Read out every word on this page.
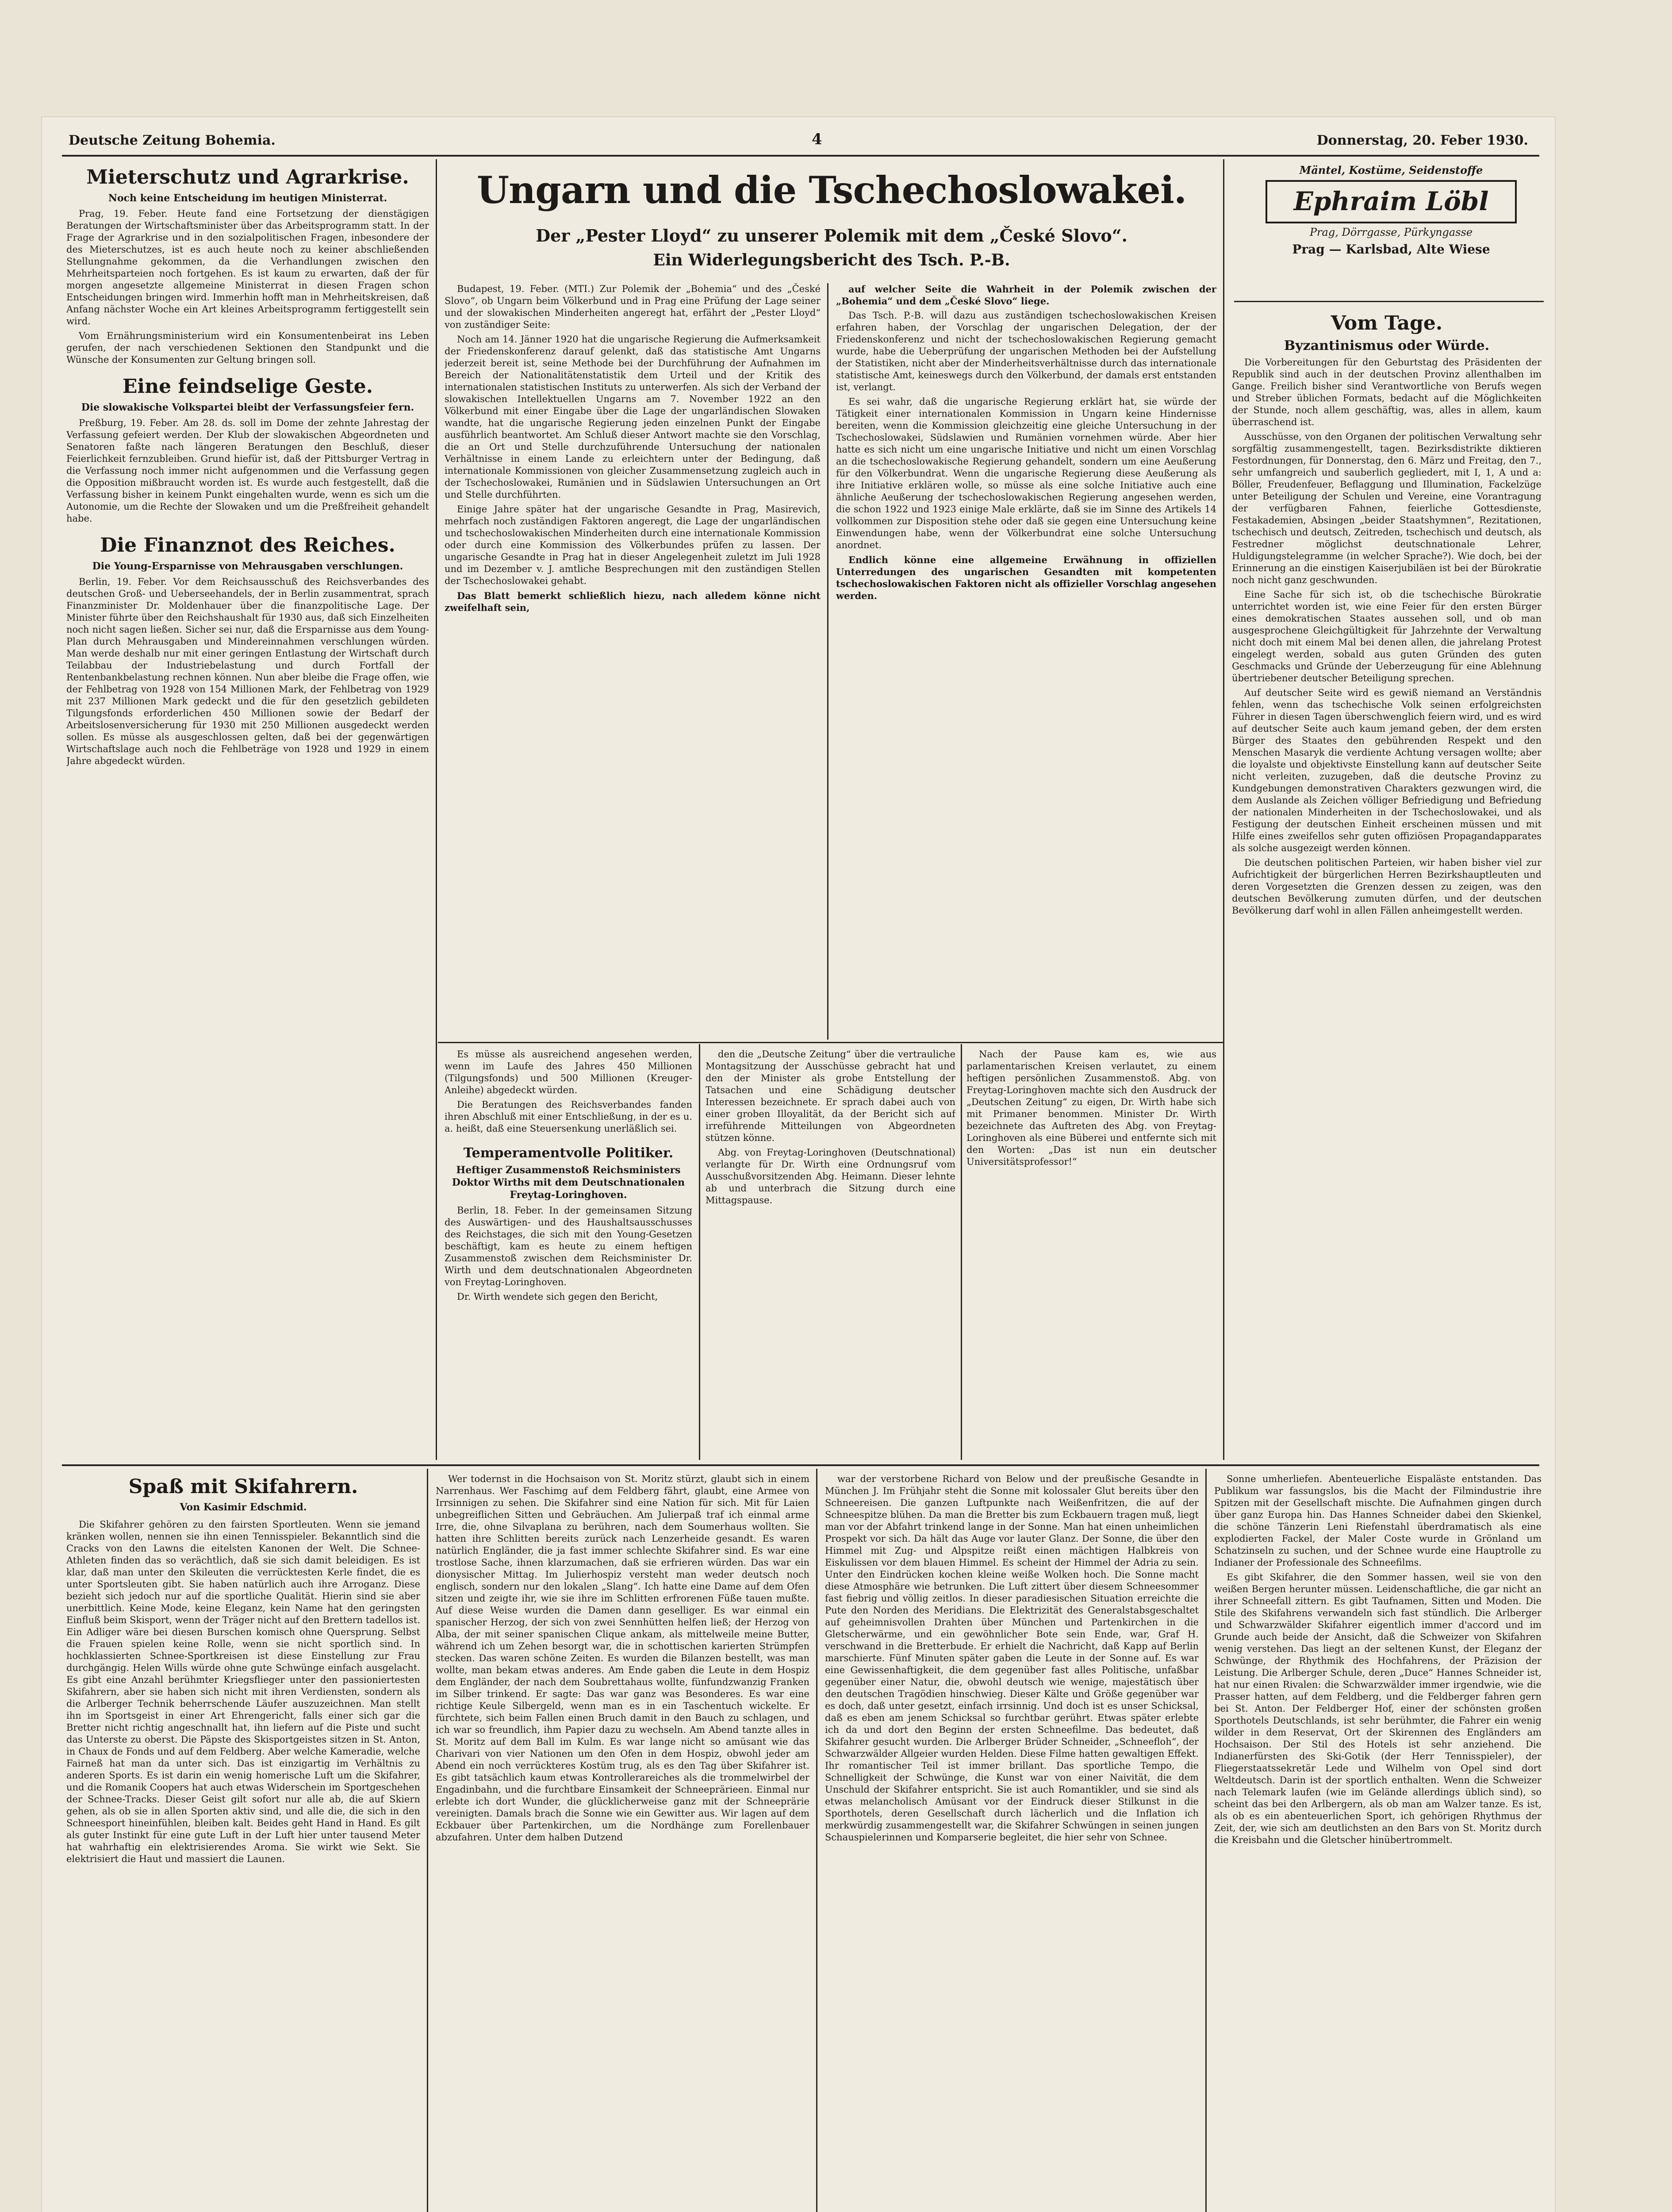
Deutsche Zeitung Bohemia.	4	Donnerstag, 20. Feber 1930.
Mieterschutz und Agrarkrise.
Noch keine Entscheidung im heutigen Ministerrat.

Prag, 19. Feber. Heute fand eine Fortsetzung der dienstägigen Beratungen der Wirtschaftsminister über das Arbeitsprogramm statt. In der Frage der Agrarkrise und in den sozialpolitischen Fragen, inbesondere der des Mieterschutzes, ist es auch heute noch zu keiner abschließenden Stellungnahme gekommen, da die Verhandlungen zwischen den Mehrheitsparteien noch fortgehen. Es ist kaum zu erwarten, daß der für morgen angesetzte allgemeine Ministerrat in diesen Fragen schon Entscheidungen bringen wird. Immerhin hofft man in Mehrheitskreisen, daß Anfang nächster Woche ein Art kleines Arbeitsprogramm fertiggestellt sein wird.

Vom Ernährungsministerium wird ein Konsumentenbeirat ins Leben gerufen, der nach verschiedenen Sektionen den Standpunkt und die Wünsche der Konsumenten zur Geltung bringen soll.

Eine feindselige Geste.
Die slowakische Volkspartei bleibt der Verfassungsfeier fern.

Preßburg, 19. Feber. Am 28. ds. soll im Dome der zehnte Jahrestag der Verfassung gefeiert werden. Der Klub der slowakischen Abgeordneten und Senatoren faßte nach längeren Beratungen den Beschluß, dieser Feierlichkeit fernzubleiben. Grund hiefür ist, daß der Pittsburger Vertrag in die Verfassung noch immer nicht aufgenommen und die Verfassung gegen die Opposition mißbraucht worden ist. Es wurde auch festgestellt, daß die Verfassung bisher in keinem Punkt eingehalten wurde, wenn es sich um die Autonomie, um die Rechte der Slowaken und um die Preßfreiheit gehandelt habe.

Die Finanznot des Reiches.
Die Young-Ersparnisse von Mehrausgaben verschlungen.

Berlin, 19. Feber. Vor dem Reichsausschuß des Reichsverbandes des deutschen Groß- und Ueberseehandels, der in Berlin zusammentrat, sprach Finanzminister Dr. Moldenhauer über die finanzpolitische Lage. Der Minister führte über den Reichshaushalt für 1930 aus, daß sich Einzelheiten noch nicht sagen ließen. Sicher sei nur, daß die Ersparnisse aus dem Young-Plan durch Mehrausgaben und Mindereinnahmen verschlungen würden. Man werde deshalb nur mit einer geringen Entlastung der Wirtschaft durch Teilabbau der Industriebelastung und durch Fortfall der Rentenbankbelastung rechnen können. Nun aber bleibe die Frage offen, wie der Fehlbetrag von 1928 von 154 Millionen Mark, der Fehlbetrag von 1929 mit 237 Millionen Mark gedeckt und die für den gesetzlich gebildeten Tilgungsfonds erforderlichen 450 Millionen sowie der Bedarf der Arbeitslosenversicherung für 1930 mit 250 Millionen ausgedeckt werden sollen. Es müsse als ausgeschlossen gelten, daß bei der gegenwärtigen Wirtschaftslage auch noch die Fehlbeträge von 1928 und 1929 in einem Jahre abgedeckt würden.

Ungarn und die Tschechoslowakei.
Der „Pester Lloyd“ zu unserer Polemik mit dem „České Slovo“.
Ein Widerlegungsbericht des Tsch. P.-B.

Budapest, 19. Feber. (MTI.) Zur Polemik der „Bohemia“ und des „České Slovo“, ob Ungarn beim Völkerbund und in Prag eine Prüfung der Lage seiner und der slowakischen Minderheiten angeregt hat, erfährt der „Pester Lloyd“ von zuständiger Seite:

Noch am 14. Jänner 1920 hat die ungarische Regierung die Aufmerksamkeit der Friedenskonferenz darauf gelenkt, daß das statistische Amt Ungarns jederzeit bereit ist, seine Methode bei der Durchführung der Aufnahmen im Bereich der Nationalitätenstatistik dem Urteil und der Kritik des internationalen statistischen Instituts zu unterwerfen. Als sich der Verband der slowakischen Intellektuellen Ungarns am 7. November 1922 an den Völkerbund mit einer Eingabe über die Lage der ungarländischen Slowaken wandte, hat die ungarische Regierung jeden einzelnen Punkt der Eingabe ausführlich beantwortet. Am Schluß dieser Antwort machte sie den Vorschlag, die an Ort und Stelle durchzuführende Untersuchung der nationalen Verhältnisse in einem Lande zu erleichtern unter der Bedingung, daß internationale Kommissionen von gleicher Zusammensetzung zugleich auch in der Tschechoslowakei, Rumänien und in Südslawien Untersuchungen an Ort und Stelle durchführten.

Einige Jahre später hat der ungarische Gesandte in Prag, Masirevich, mehrfach noch zuständigen Faktoren angeregt, die Lage der ungarländischen und tschechoslowakischen Minderheiten durch eine internationale Kommission oder durch eine Kommission des Völkerbundes prüfen zu lassen. Der ungarische Gesandte in Prag hat in dieser Angelegenheit zuletzt im Juli 1928 und im Dezember v. J. amtliche Besprechungen mit den zuständigen Stellen der Tschechoslowakei gehabt.

Das Blatt bemerkt schließlich hiezu, nach alledem könne nicht zweifelhaft sein,

auf welcher Seite die Wahrheit in der Polemik zwischen der „Bohemia“ und dem „České Slovo“ liege.

Das Tsch. P.-B. will dazu aus zuständigen tschechoslowakischen Kreisen erfahren haben, der Vorschlag der ungarischen Delegation, der der Friedenskonferenz und nicht der tschechoslowakischen Regierung gemacht wurde, habe die Ueberprüfung der ungarischen Methoden bei der Aufstellung der Statistiken, nicht aber der Minderheitsverhältnisse durch das internationale statistische Amt, keineswegs durch den Völkerbund, der damals erst entstanden ist, verlangt.

Es sei wahr, daß die ungarische Regierung erklärt hat, sie würde der Tätigkeit einer internationalen Kommission in Ungarn keine Hindernisse bereiten, wenn die Kommission gleichzeitig eine gleiche Untersuchung in der Tschechoslowakei, Südslawien und Rumänien vornehmen würde. Aber hier hatte es sich nicht um eine ungarische Initiative und nicht um einen Vorschlag an die tschechoslowakische Regierung gehandelt, sondern um eine Aeußerung für den Völkerbundrat. Wenn die ungarische Regierung diese Aeußerung als ihre Initiative erklären wolle, so müsse als eine solche Initiative auch eine ähnliche Aeußerung der tschechoslowakischen Regierung angesehen werden, die schon 1922 und 1923 einige Male erklärte, daß sie im Sinne des Artikels 14 vollkommen zur Disposition stehe oder daß sie gegen eine Untersuchung keine Einwendungen habe, wenn der Völkerbundrat eine solche Untersuchung anordnet.

Endlich könne eine allgemeine Erwähnung in offiziellen Unterredungen des ungarischen Gesandten mit kompetenten tschechoslowakischen Faktoren nicht als offizieller Vorschlag angesehen werden.

Mäntel, Kostüme, Seidenstoffe
Ephraim Löbl
Prag, Dörrgasse, Pürkyngasse
Prag — Karlsbad, Alte Wiese
Vom Tage.
Byzantinismus oder Würde.

Die Vorbereitungen für den Geburtstag des Präsidenten der Republik sind auch in der deutschen Provinz allenthalben im Gange. Freilich bisher sind Verantwortliche von Berufs wegen und Streber üblichen Formats, bedacht auf die Möglichkeiten der Stunde, noch allem geschäftig, was, alles in allem, kaum überraschend ist.

Ausschüsse, von den Organen der politischen Verwaltung sehr sorgfältig zusammengestellt, tagen. Bezirksdistrikte diktieren Festordnungen, für Donnerstag, den 6. März und Freitag, den 7., sehr umfangreich und sauberlich gegliedert, mit I, 1, A und a: Böller, Freudenfeuer, Beflaggung und Illumination, Fackelzüge unter Beteiligung der Schulen und Vereine, eine Vorantragung der verfügbaren Fahnen, feierliche Gottesdienste, Festakademien, Absingen „beider Staatshymnen“, Rezitationen, tschechisch und deutsch, Zeitreden, tschechisch und deutsch, als Festredner möglichst deutschnationale Lehrer, Huldigungstelegramme (in welcher Sprache?). Wie doch, bei der Erinnerung an die einstigen Kaiserjubiläen ist bei der Bürokratie noch nicht ganz geschwunden.

Eine Sache für sich ist, ob die tschechische Bürokratie unterrichtet worden ist, wie eine Feier für den ersten Bürger eines demokratischen Staates aussehen soll, und ob man ausgesprochene Gleichgültigkeit für Jahrzehnte der Verwaltung nicht doch mit einem Mal bei denen allen, die jahrelang Protest eingelegt werden, sobald aus guten Gründen des guten Geschmacks und Gründe der Ueberzeugung für eine Ablehnung übertriebener deutscher Beteiligung sprechen.

Auf deutscher Seite wird es gewiß niemand an Verständnis fehlen, wenn das tschechische Volk seinen erfolgreichsten Führer in diesen Tagen überschwenglich feiern wird, und es wird auf deutscher Seite auch kaum jemand geben, der dem ersten Bürger des Staates den gebührenden Respekt und den Menschen Masaryk die verdiente Achtung versagen wollte; aber die loyalste und objektivste Einstellung kann auf deutscher Seite nicht verleiten, zuzugeben, daß die deutsche Provinz zu Kundgebungen demonstrativen Charakters gezwungen wird, die dem Auslande als Zeichen völliger Befriedigung und Befriedung der nationalen Minderheiten in der Tschechoslowakei, und als Festigung der deutschen Einheit erscheinen müssen und mit Hilfe eines zweifellos sehr guten offiziösen Propagandapparates als solche ausgezeigt werden können.

Die deutschen politischen Parteien, wir haben bisher viel zur Aufrichtigkeit der bürgerlichen Herren Bezirkshauptleuten und deren Vorgesetzten die Grenzen dessen zu zeigen, was den deutschen Bevölkerung zumuten dürfen, und der deutschen Bevölkerung darf wohl in allen Fällen anheimgestellt werden.

Es müsse als ausreichend angesehen werden, wenn im Laufe des Jahres 450 Millionen (Tilgungsfonds) und 500 Millionen (Kreuger-Anleihe) abgedeckt würden.

Die Beratungen des Reichsverbandes fanden ihren Abschluß mit einer Entschließung, in der es u. a. heißt, daß eine Steuersenkung unerläßlich sei.

Temperamentvolle Politiker.
Heftiger Zusammenstoß Reichsministers Doktor Wirths mit dem Deutschnationalen Freytag-Loringhoven.

Berlin, 18. Feber. In der gemeinsamen Sitzung des Auswärtigen- und des Haushaltsausschusses des Reichstages, die sich mit den Young-Gesetzen beschäftigt, kam es heute zu einem heftigen Zusammenstoß zwischen dem Reichsminister Dr. Wirth und dem deutschnationalen Abgeordneten von Freytag-Loringhoven.

Dr. Wirth wendete sich gegen den Bericht,

den die „Deutsche Zeitung“ über die vertrauliche Montagsitzung der Ausschüsse gebracht hat und den der Minister als grobe Entstellung der Tatsachen und eine Schädigung deutscher Interessen bezeichnete. Er sprach dabei auch von einer groben Illoyalität, da der Bericht sich auf irreführende Mitteilungen von Abgeordneten stützen könne.

Abg. von Freytag-Loringhoven (Deutschnational) verlangte für Dr. Wirth eine Ordnungsruf vom Ausschußvorsitzenden Abg. Heimann. Dieser lehnte ab und unterbrach die Sitzung durch eine Mittagspause.

Nach der Pause kam es, wie aus parlamentarischen Kreisen verlautet, zu einem heftigen persönlichen Zusammenstoß. Abg. von Freytag-Loringhoven machte sich den Ausdruck der „Deutschen Zeitung“ zu eigen, Dr. Wirth habe sich mit Primaner benommen. Minister Dr. Wirth bezeichnete das Auftreten des Abg. von Freytag-Loringhoven als eine Büberei und entfernte sich mit den Worten: „Das ist nun ein deutscher Universitätsprofessor!“

Spaß mit Skifahrern.
Von Kasimir Edschmid.

Die Skifahrer gehören zu den fairsten Sportleuten. Wenn sie jemand kränken wollen, nennen sie ihn einen Tennisspieler. Bekanntlich sind die Cracks von den Lawns die eitelsten Kanonen der Welt. Die Schnee-Athleten finden das so verächtlich, daß sie sich damit beleidigen. Es ist klar, daß man unter den Skileuten die verrücktesten Kerle findet, die es unter Sportsleuten gibt. Sie haben natürlich auch ihre Arroganz. Diese bezieht sich jedoch nur auf die sportliche Qualität. Hierin sind sie aber unerbittlich. Keine Mode, keine Eleganz, kein Name hat den geringsten Einfluß beim Skisport, wenn der Träger nicht auf den Brettern tadellos ist. Ein Adliger wäre bei diesen Burschen komisch ohne Quersprung. Selbst die Frauen spielen keine Rolle, wenn sie nicht sportlich sind. In hochklassierten Schnee-Sportkreisen ist diese Einstellung zur Frau durchgängig. Helen Wills würde ohne gute Schwünge einfach ausgelacht. Es gibt eine Anzahl berühmter Kriegsflieger unter den passioniertesten Skifahrern, aber sie haben sich nicht mit ihren Verdiensten, sondern als die Arlberger Technik beherrschende Läufer auszuzeichnen. Man stellt ihn im Sportsgeist in einer Art Ehrengericht, falls einer sich gar die Bretter nicht richtig angeschnallt hat, ihn liefern auf die Piste und sucht das Unterste zu oberst. Die Päpste des Skisportgeistes sitzen in St. Anton, in Chaux de Fonds und auf dem Feldberg. Aber welche Kameradie, welche Fairneß hat man da unter sich. Das ist einzigartig im Verhältnis zu anderen Sports. Es ist darin ein wenig homerische Luft um die Skifahrer, und die Romanik Coopers hat auch etwas Widerschein im Sportgeschehen der Schnee-Tracks. Dieser Geist gilt sofort nur alle ab, die auf Skiern gehen, als ob sie in allen Sporten aktiv sind, und alle die, die sich in den Schneesport hineinfühlen, bleiben kalt. Beides geht Hand in Hand. Es gilt als guter Instinkt für eine gute Luft in der Luft hier unter tausend Meter hat wahrhaftig ein elektrisierendes Aroma. Sie wirkt wie Sekt. Sie elektrisiert die Haut und massiert die Launen.

Wer todernst in die Hochsaison von St. Moritz stürzt, glaubt sich in einem Narrenhaus. Wer Faschimg auf dem Feldberg fährt, glaubt, eine Armee von Irrsinnigen zu sehen. Die Skifahrer sind eine Nation für sich. Mit für Laien unbegreiflichen Sitten und Gebräuchen. Am Julierpaß traf ich einmal arme Irre, die, ohne Silvaplana zu berühren, nach dem Soumerhaus wollten. Sie hatten ihre Schlitten bereits zurück nach Lenzerheide gesandt. Es waren natürlich Engländer, die ja fast immer schlechte Skifahrer sind. Es war eine trostlose Sache, ihnen klarzumachen, daß sie erfrieren würden. Das war ein dionysischer Mittag. Im Julierhospiz versteht man weder deutsch noch englisch, sondern nur den lokalen „Slang“. Ich hatte eine Dame auf dem Ofen sitzen und zeigte ihr, wie sie ihre im Schlitten erfrorenen Füße tauen mußte. Auf diese Weise wurden die Damen dann geselliger. Es war einmal ein spanischer Herzog, der sich von zwei Sennhütten helfen ließ; der Herzog von Alba, der mit seiner spanischen Clique ankam, als mittelweile meine Butter, während ich um Zehen besorgt war, die in schottischen karierten Strümpfen stecken. Das waren schöne Zeiten. Es wurden die Bilanzen bestellt, was man wollte, man bekam etwas anderes. Am Ende gaben die Leute in dem Hospiz dem Engländer, der nach dem Soubrettahaus wollte, fünfundzwanzig Franken im Silber trinkend. Er sagte: Das war ganz was Besonderes. Es war eine richtige Keule Silbergeld, wenn man es in ein Taschentuch wickelte. Er fürchtete, sich beim Fallen einen Bruch damit in den Bauch zu schlagen, und ich war so freundlich, ihm Papier dazu zu wechseln. Am Abend tanzte alles in St. Moritz auf dem Ball im Kulm. Es war lange nicht so amüsant wie das Charivari von vier Nationen um den Ofen in dem Hospiz, obwohl jeder am Abend ein noch verrückteres Kostüm trug, als es den Tag über Skifahrer ist. Es gibt tatsächlich kaum etwas Kontrollerareiches als die trommelwirbel der Engadinbahn, und die furchtbare Einsamkeit der Schneeprärieen. Einmal nur erlebte ich dort Wunder, die glücklicherweise ganz mit der Schneeprärie vereinigten. Damals brach die Sonne wie ein Gewitter aus. Wir lagen auf dem Eckbauer über Partenkirchen, um die Nordhänge zum Forellenbauer abzufahren. Unter dem halben Dutzend

war der verstorbene Richard von Below und der preußische Gesandte in München J. Im Frühjahr steht die Sonne mit kolossaler Glut bereits über den Schneereisen. Die ganzen Luftpunkte nach Weißenfritzen, die auf der Schneespitze blühen. Da man die Bretter bis zum Eckbauern tragen muß, liegt man vor der Abfahrt trinkend lange in der Sonne. Man hat einen unheimlichen Prospekt vor sich. Da hält das Auge vor lauter Glanz. Der Sonne, die über den Himmel mit Zug- und Alpspitze reißt einen mächtigen Halbkreis von Eiskulissen vor dem blauen Himmel. Es scheint der Himmel der Adria zu sein. Unter den Eindrücken kochen kleine weiße Wolken hoch. Die Sonne macht diese Atmosphäre wie betrunken. Die Luft zittert über diesem Schneesommer fast fiebrig und völlig zeitlos. In dieser paradiesischen Situation erreichte die Pute den Norden des Meridians. Die Elektrizität des Generalstabsgeschaltet auf geheimnisvollen Drahten über München und Partenkirchen in die Gletscherwärme, und ein gewöhnlicher Bote sein Ende, war, Graf H. verschwand in die Bretterbude. Er erhielt die Nachricht, daß Kapp auf Berlin marschierte. Fünf Minuten später gaben die Leute in der Sonne auf. Es war eine Gewissenhaftigkeit, die dem gegenüber fast alles Politische, unfaßbar gegenüber einer Natur, die, obwohl deutsch wie wenige, majestätisch über den deutschen Tragödien hinschwieg. Dieser Kälte und Größe gegenüber war es doch, daß unter gesetzt, einfach irrsinnig. Und doch ist es unser Schicksal, daß es eben am jenem Schicksal so furchtbar gerührt. Etwas später erlebte ich da und dort den Beginn der ersten Schneefilme. Das bedeutet, daß Skifahrer gesucht wurden. Die Arlberger Brüder Schneider, „Schneefloh“, der Schwarzwälder Allgeier wurden Helden. Diese Filme hatten gewaltigen Effekt. Ihr romantischer Teil ist immer brillant. Das sportliche Tempo, die Schnelligkeit der Schwünge, die Kunst war von einer Naivität, die dem Unschuld der Skifahrer entspricht. Sie ist auch Romantikler, und sie sind als etwas melancholisch Amüsant vor der Eindruck dieser Stilkunst in die Sporthotels, deren Gesellschaft durch lächerlich und die Inflation ich merkwürdig zusammengestellt war, die Skifahrer Schwüngen in seinen jungen Schauspielerinnen und Komparserie begleitet, die hier sehr von Schnee.

Sonne umherliefen. Abenteuerliche Eispaläste entstanden. Das Publikum war fassungslos, bis die Macht der Filmindustrie ihre Spitzen mit der Gesellschaft mischte. Die Aufnahmen gingen durch über ganz Europa hin. Das Hannes Schneider dabei den Skienkel, die schöne Tänzerin Leni Riefenstahl überdramatisch als eine explodierten Fackel, der Maler Coste wurde in Grönland um Schatzinseln zu suchen, und der Schnee wurde eine Hauptrolle zu Indianer der Professionale des Schneefilms.

Es gibt Skifahrer, die den Sommer hassen, weil sie von den weißen Bergen herunter müssen. Leidenschaftliche, die gar nicht an ihrer Schneefall zittern. Es gibt Taufnamen, Sitten und Moden. Die Stile des Skifahrens verwandeln sich fast stündlich. Die Arlberger und Schwarzwälder Skifahrer eigentlich immer d'accord und im Grunde auch beide der Ansicht, daß die Schweizer von Skifahren wenig verstehen. Das liegt an der seltenen Kunst, der Eleganz der Schwünge, der Rhythmik des Hochfahrens, der Präzision der Leistung. Die Arlberger Schule, deren „Duce“ Hannes Schneider ist, hat nur einen Rivalen: die Schwarzwälder immer irgendwie, wie die Prasser hatten, auf dem Feldberg, und die Feldberger fahren gern bei St. Anton. Der Feldberger Hof, einer der schönsten großen Sporthotels Deutschlands, ist sehr berühmter, die Fahrer ein wenig wilder in dem Reservat, Ort der Skirennen des Engländers am Hochsaison. Der Stil des Hotels ist sehr anziehend. Die Indianerfürsten des Ski-Gotik (der Herr Tennisspieler), der Fliegerstaatssekretär Lede und Wilhelm von Opel sind dort Weltdeutsch. Darin ist der sportlich enthalten. Wenn die Schweizer nach Telemark laufen (wie im Gelände allerdings üblich sind), so scheint das bei den Arlbergern, als ob man am Walzer tanze. Es ist, als ob es ein abenteuerlichen Sport, ich gehörigen Rhythmus der Zeit, der, wie sich am deutlichsten an den Bars von St. Moritz durch die Kreisbahn und die Gletscher hinübertrommelt.
